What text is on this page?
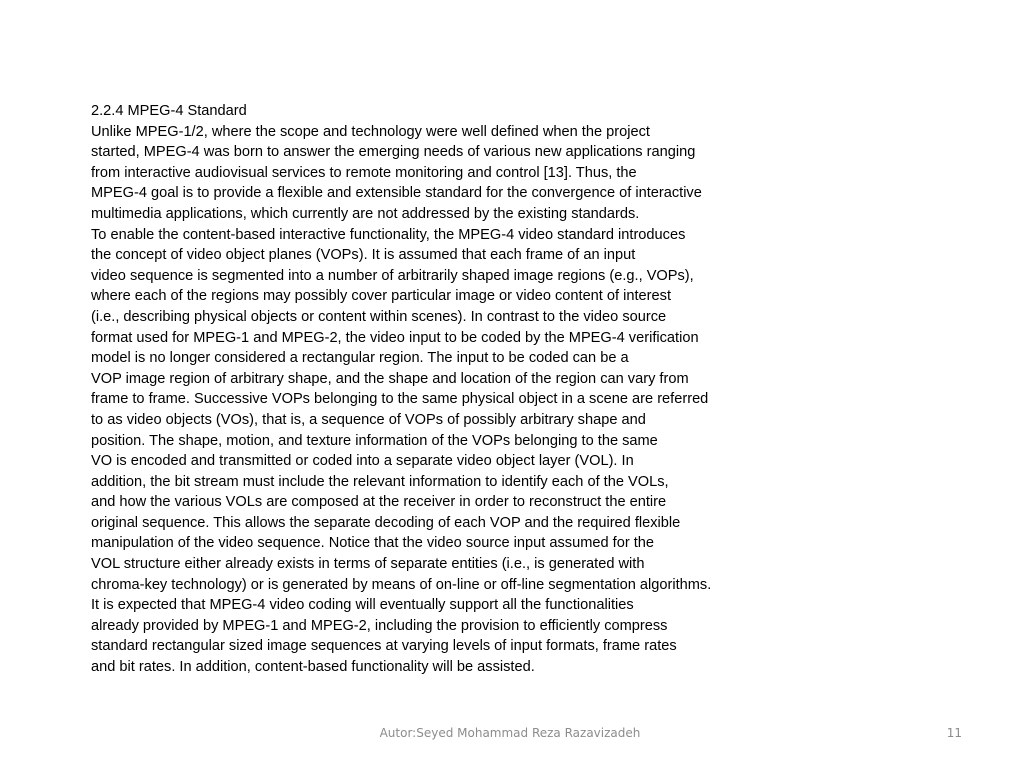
2.2.4 MPEG-4 Standard
Unlike MPEG-1/2, where the scope and technology were well defined when the project
started, MPEG-4 was born to answer the emerging needs of various new applications ranging
from interactive audiovisual services to remote monitoring and control [13]. Thus, the
MPEG-4 goal is to provide a flexible and extensible standard for the convergence of interactive
multimedia applications, which currently are not addressed by the existing standards.
To enable the content-based interactive functionality, the MPEG-4 video standard introduces
the concept of video object planes (VOPs). It is assumed that each frame of an input
video sequence is segmented into a number of arbitrarily shaped image regions (e.g., VOPs),
where each of the regions may possibly cover particular image or video content of interest
(i.e., describing physical objects or content within scenes). In contrast to the video source
format used for MPEG-1 and MPEG-2, the video input to be coded by the MPEG-4 verification
model is no longer considered a rectangular region. The input to be coded can be a
VOP image region of arbitrary shape, and the shape and location of the region can vary from
frame to frame. Successive VOPs belonging to the same physical object in a scene are referred
to as video objects (VOs), that is, a sequence of VOPs of possibly arbitrary shape and
position. The shape, motion, and texture information of the VOPs belonging to the same
VO is encoded and transmitted or coded into a separate video object layer (VOL). In
addition, the bit stream must include the relevant information to identify each of the VOLs,
and how the various VOLs are composed at the receiver in order to reconstruct the entire
original sequence. This allows the separate decoding of each VOP and the required flexible
manipulation of the video sequence. Notice that the video source input assumed for the
VOL structure either already exists in terms of separate entities (i.e., is generated with
chroma-key technology) or is generated by means of on-line or off-line segmentation algorithms.
It is expected that MPEG-4 video coding will eventually support all the functionalities
already provided by MPEG-1 and MPEG-2, including the provision to efficiently compress
standard rectangular sized image sequences at varying levels of input formats, frame rates
and bit rates. In addition, content-based functionality will be assisted.
Autor:Seyed Mohammad Reza Razavizadeh	11
